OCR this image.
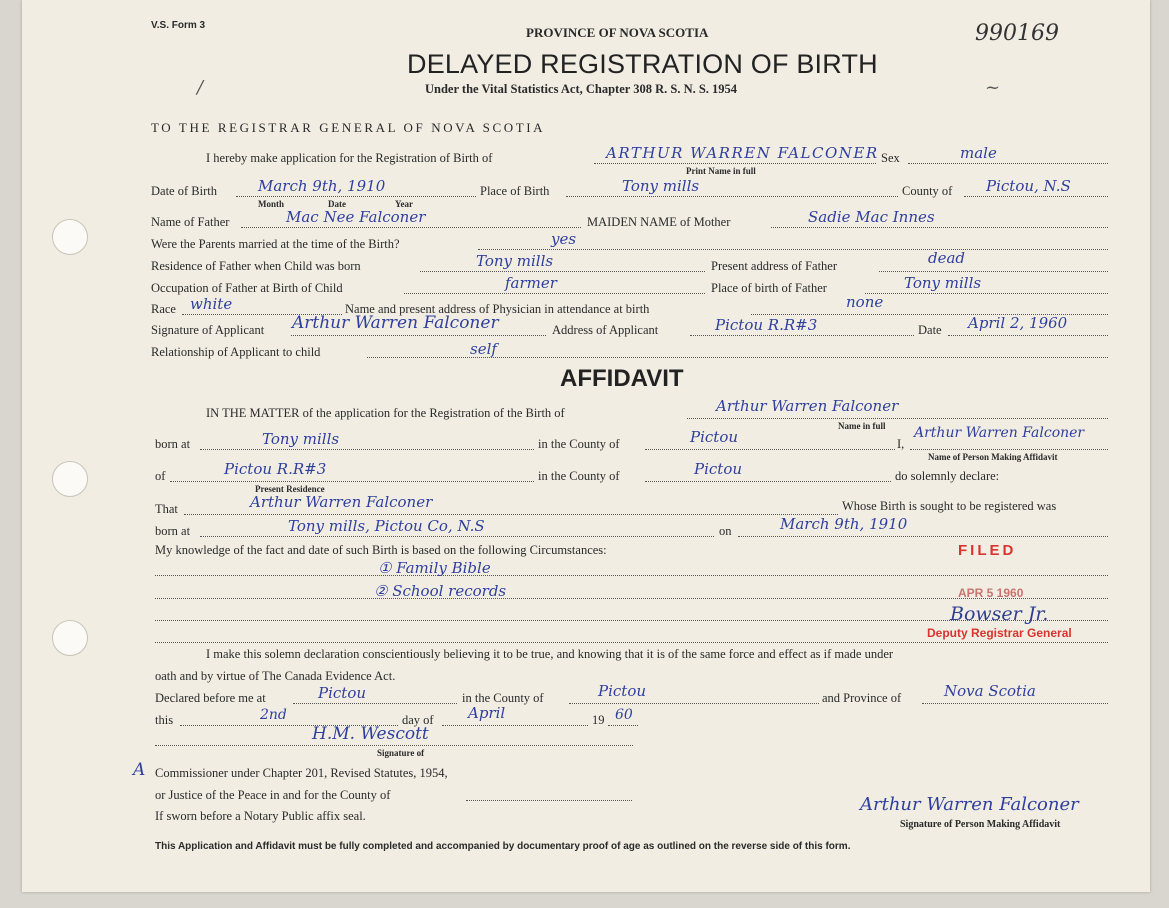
V.S. Form 3	990169
/	~
PROVINCE OF NOVA SCOTIA
DELAYED REGISTRATION OF BIRTH
Under the Vital Statistics Act, Chapter 308 R. S. N. S. 1954
TO THE REGISTRAR GENERAL OF NOVA SCOTIA
I hereby make application for the Registration of Birth of	ARTHUR WARREN FALCONER Sex	male
Print Name in full
Date of Birth	March 9th, 1910	Place of Birth	Tony mills	County of Pictou, N.S
Month	Date	Year
Name of Father	Mac Nee Falconer	MAIDEN NAME of Mother	Sadie Mac Innes
Were the Parents married at the time of the Birth?	yes
Residence of Father when Child was born	Tony mills	Present address of Father	dead
Occupation of Father at Birth of Child	farmer	Place of birth of Father	Tony mills
Race white	Name and present address of Physician in attendance at birth	none
Signature of Applicant Arthur Warren Falconer	Address of Applicant	Pictou R.R#3	Date April 2, 1960
Relationship of Applicant to child	self
AFFIDAVIT
IN THE MATTER of the application for the Registration of the Birth of	Arthur Warren Falconer
Name in full
born at	Tony mills	in the County of	Pictou	I,
Arthur Warren Falconer
Name of Person Making Affidavit
of	Pictou R.R#3
Present Residence
in the County of	Pictou	do solemnly declare:
That	Arthur Warren Falconer	Whose Birth is sought to be registered was
born at	Tony mills, Pictou Co, N.S	on	March 9th, 1910
My knowledge of the fact and date of such Birth is based on the following Circumstances:
① Family Bible
② School records
FILED
APR 5 1960
Bowser Jr.
Deputy Registrar General
I make this solemn declaration conscientiously believing it to be true, and knowing that it is of the same force and effect as if made under
oath and by virtue of The Canada Evidence Act.
Declared before me at	Pictou	in the County of	Pictou	and Province of	Nova Scotia
this	2nd	day of April	19 60
H.M. Wescott
Signature of
A Commissioner under Chapter 201, Revised Statutes, 1954,
or Justice of the Peace in and for the County of
If sworn before a Notary Public affix seal.
Arthur Warren Falconer
Signature of Person Making Affidavit
This Application and Affidavit must be fully completed and accompanied by documentary proof of age as outlined on the reverse side of this form.
